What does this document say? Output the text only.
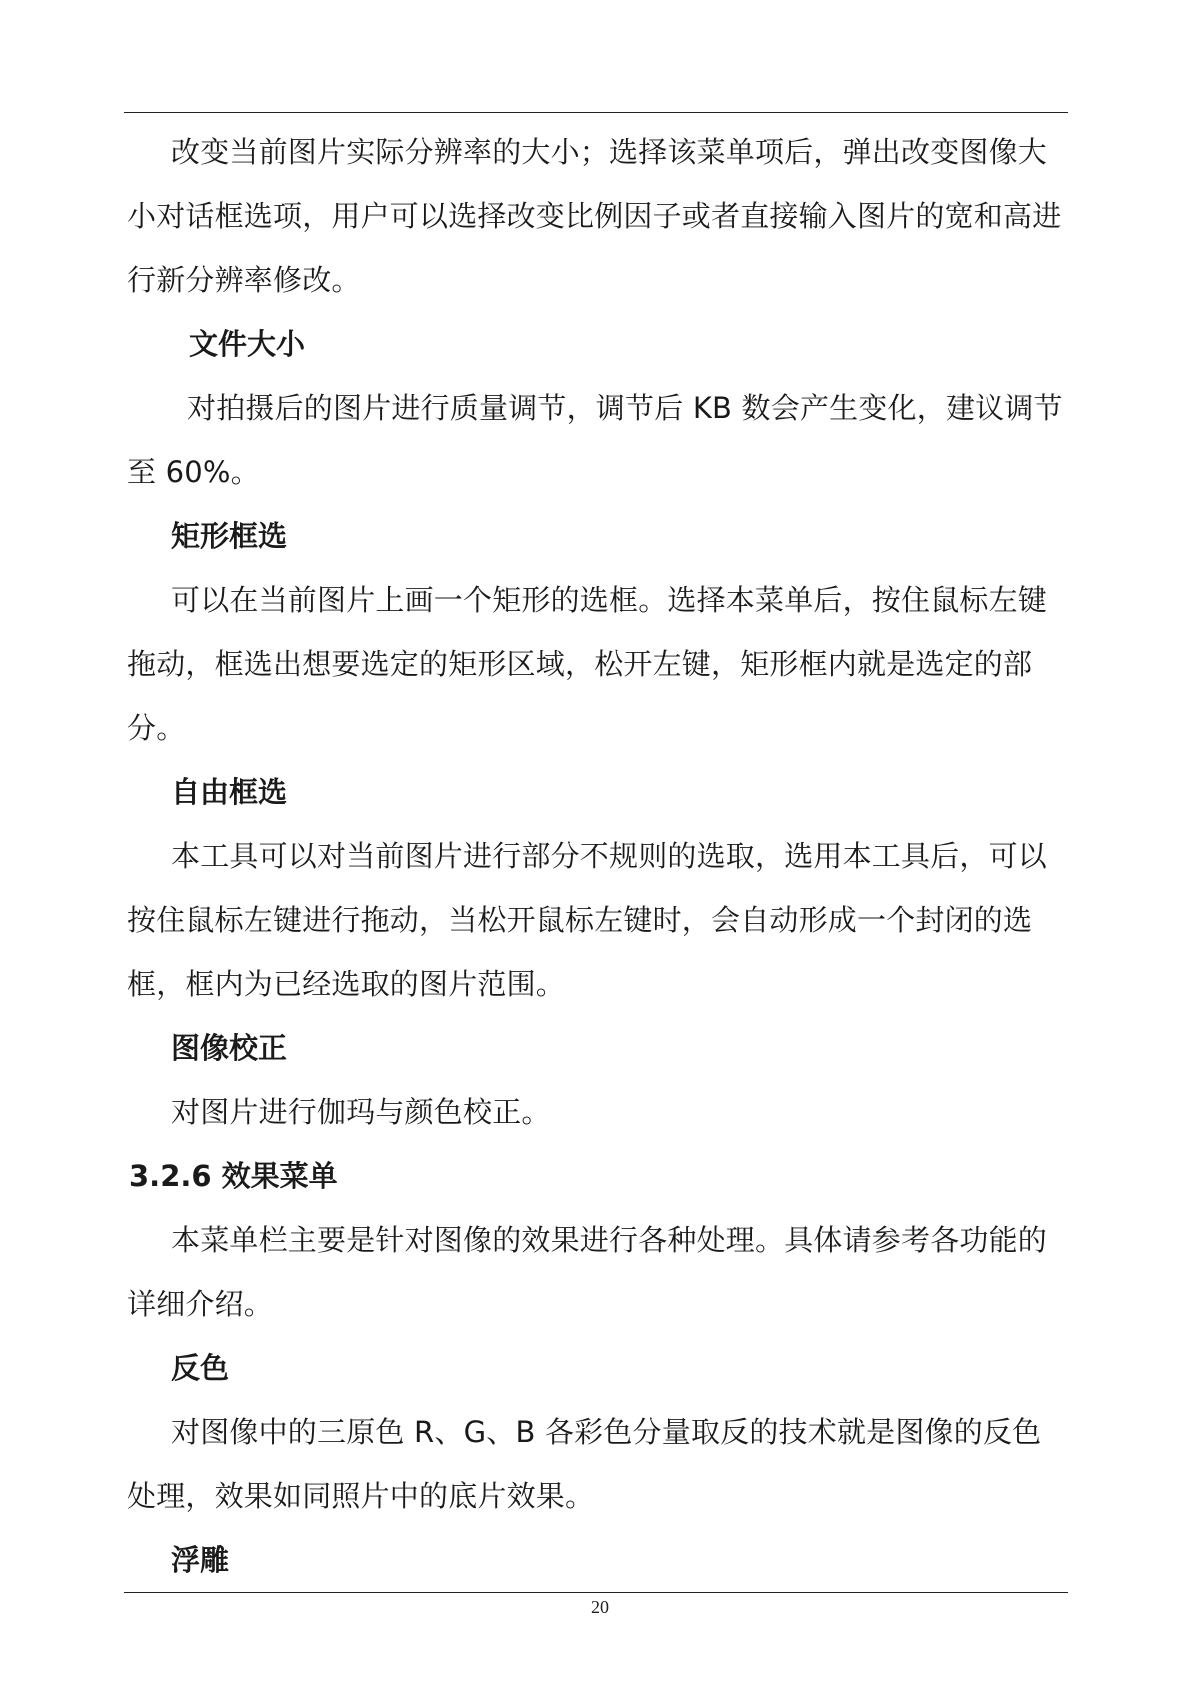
改变当前图片实际分辨率的大小；选择该菜单项后，弹出改变图像大小对话框选项，用户可以选择改变比例因子或者直接输入图片的宽和高进行新分辨率修改。

文件大小

对拍摄后的图片进行质量调节，调节后 KB 数会产生变化，建议调节至 60%。

矩形框选

可以在当前图片上画一个矩形的选框。选择本菜单后，按住鼠标左键拖动，框选出想要选定的矩形区域，松开左键，矩形框内就是选定的部分。

自由框选

本工具可以对当前图片进行部分不规则的选取，选用本工具后，可以按住鼠标左键进行拖动，当松开鼠标左键时，会自动形成一个封闭的选框，框内为已经选取的图片范围。

图像校正

对图片进行伽玛与颜色校正。

3.2.6 效果菜单

本菜单栏主要是针对图像的效果进行各种处理。具体请参考各功能的详细介绍。

反色

对图像中的三原色 R、G、B 各彩色分量取反的技术就是图像的反色处理，效果如同照片中的底片效果。

浮雕

20
